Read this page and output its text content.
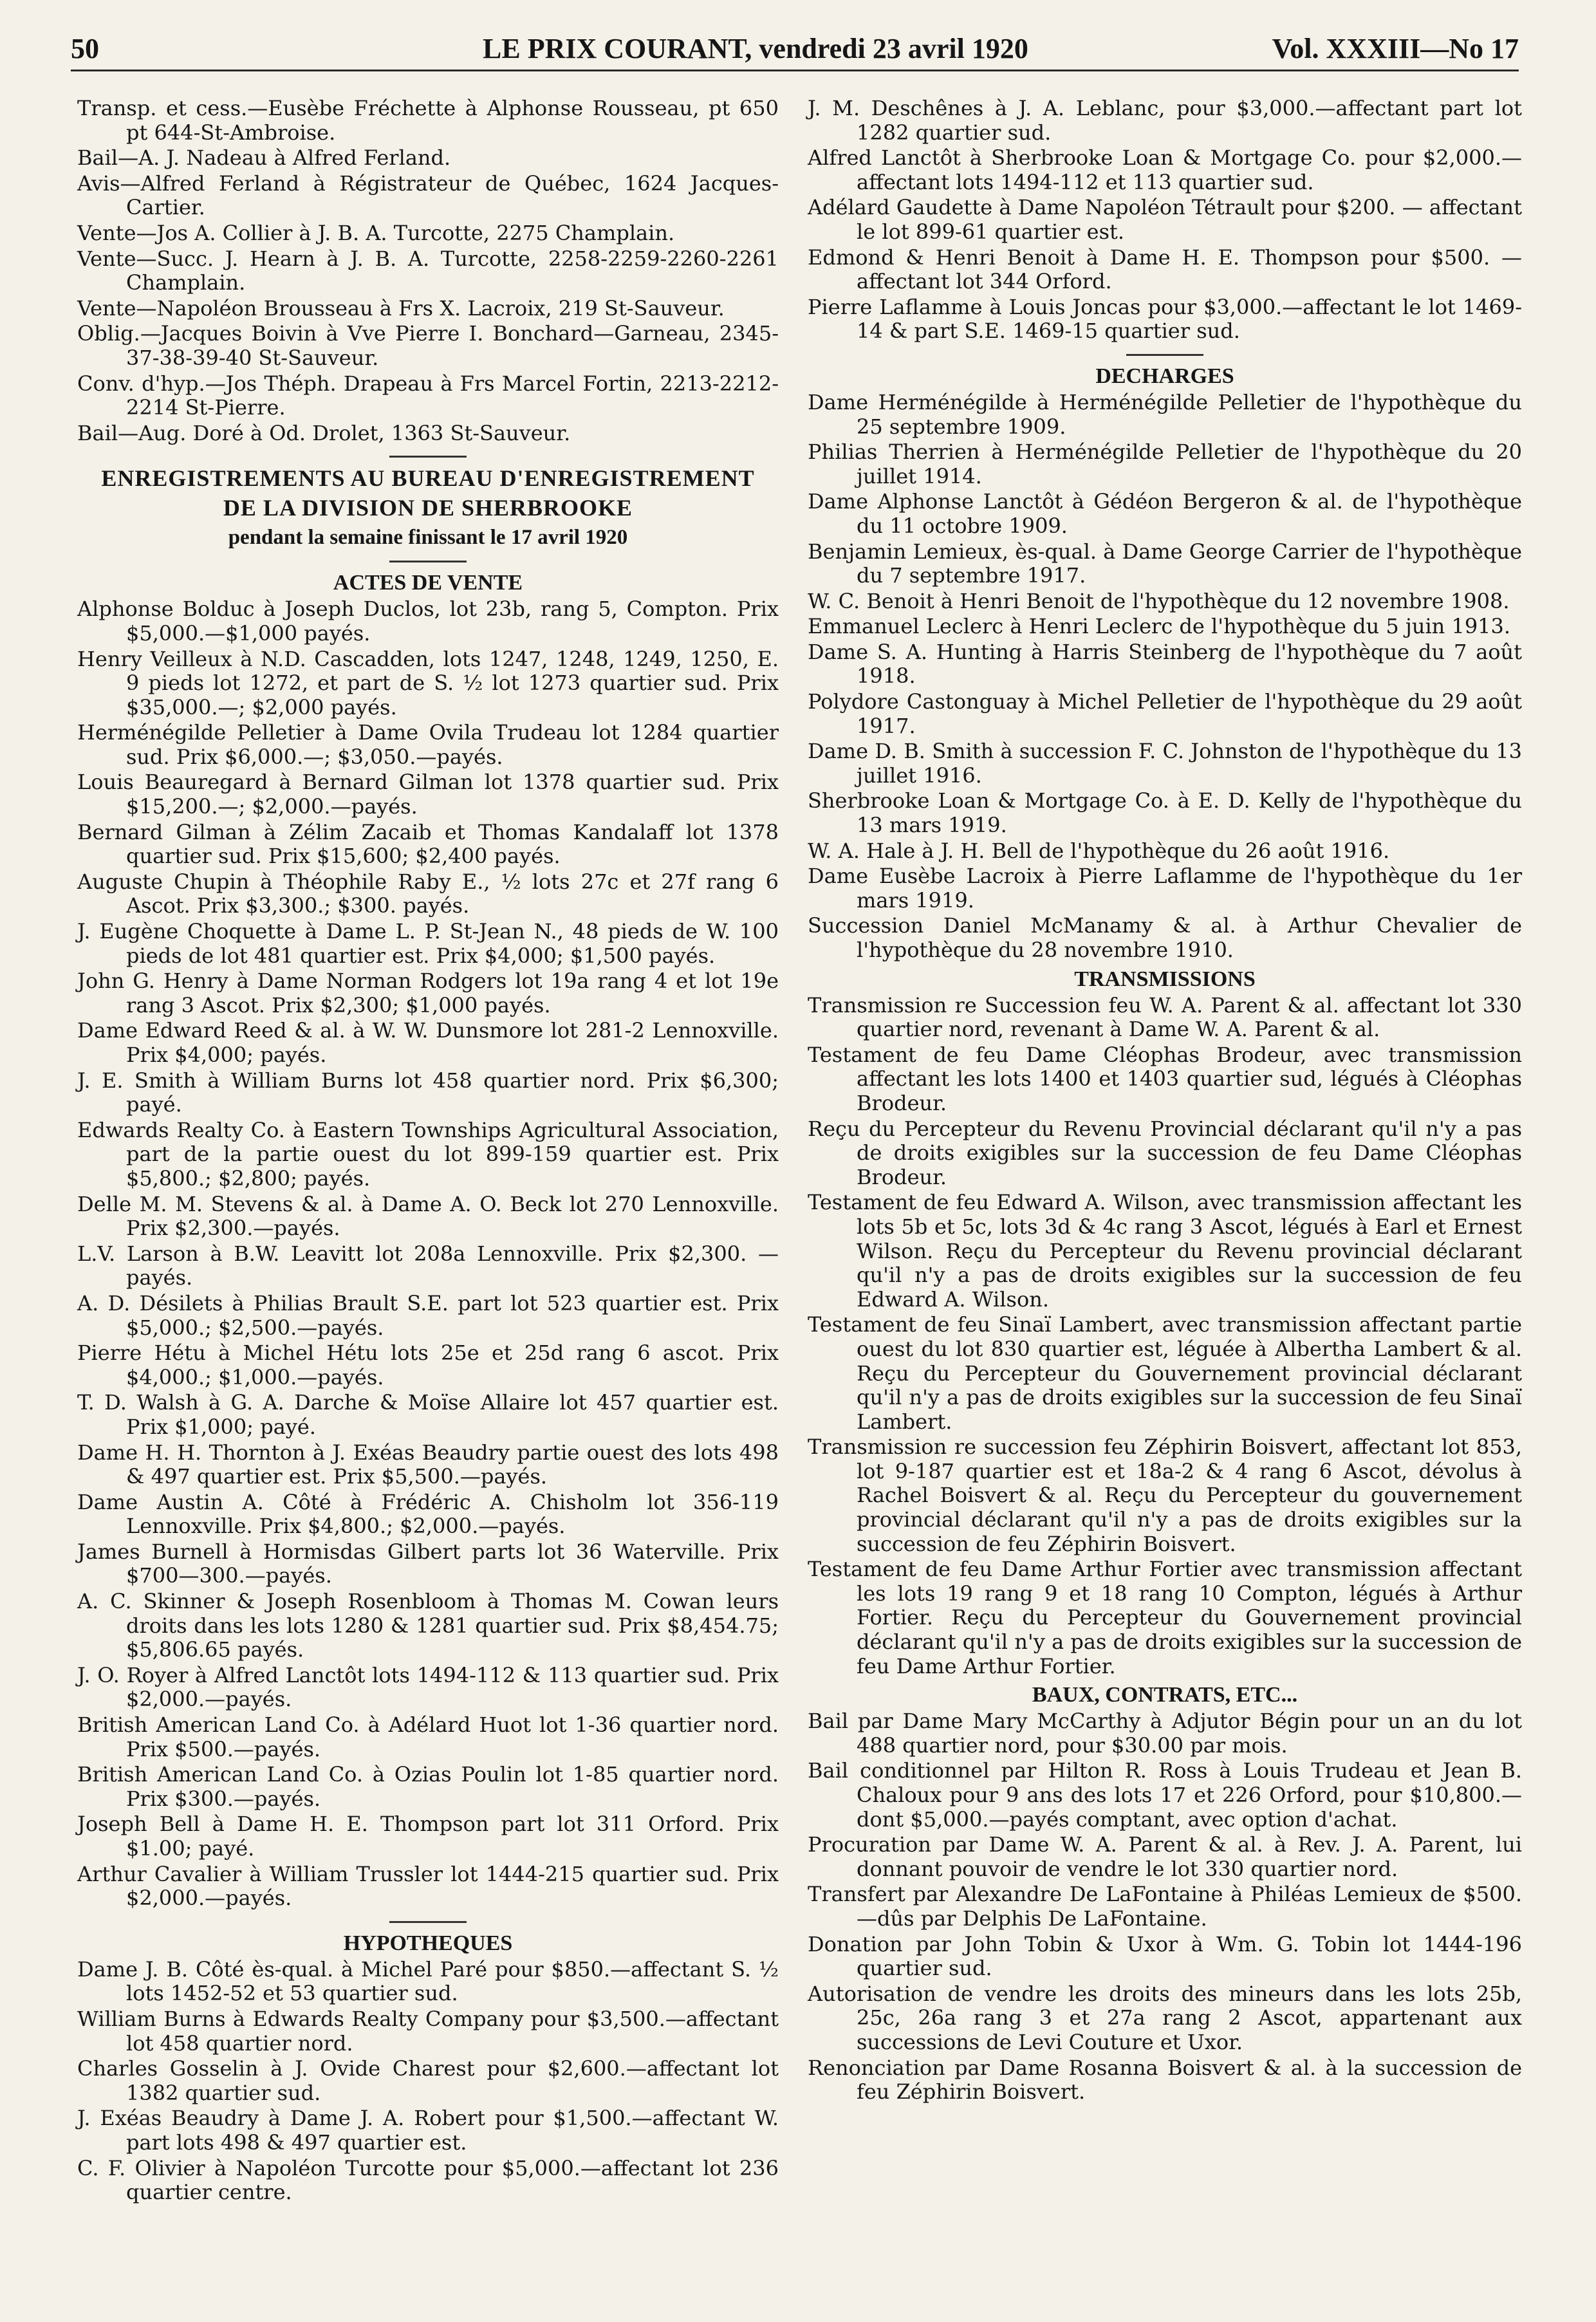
50	LE PRIX COURANT, vendredi 23 avril 1920	Vol. XXXIII—No 17

Transp. et cess.—Eusèbe Fréchette à Alphonse Rousseau, pt 650 pt 644-St-Ambroise.

Bail—A. J. Nadeau à Alfred Ferland.

Avis—Alfred Ferland à Régistrateur de Québec, 1624 Jacques-Cartier.

Vente—Jos A. Collier à J. B. A. Turcotte, 2275 Champlain.

Vente—Succ. J. Hearn à J. B. A. Turcotte, 2258-2259-2260-2261 Champlain.

Vente—Napoléon Brousseau à Frs X. Lacroix, 219 St-Sauveur.

Oblig.—Jacques Boivin à Vve Pierre I. Bonchard—Garneau, 2345-37-38-39-40 St-Sauveur.

Conv. d'hyp.—Jos Théph. Drapeau à Frs Marcel Fortin, 2213-2212-2214 St-Pierre.

Bail—Aug. Doré à Od. Drolet, 1363 St-Sauveur.

ENREGISTREMENTS AU BUREAU D'ENREGISTREMENT
DE LA DIVISION DE SHERBROOKE
pendant la semaine finissant le 17 avril 1920
ACTES DE VENTE

Alphonse Bolduc à Joseph Duclos, lot 23b, rang 5, Compton. Prix $5,000.—$1,000 payés.

Henry Veilleux à N.D. Cascadden, lots 1247, 1248, 1249, 1250, E. 9 pieds lot 1272, et part de S. ½ lot 1273 quartier sud. Prix $35,000.—; $2,000 payés.

Herménégilde Pelletier à Dame Ovila Trudeau lot 1284 quartier sud. Prix $6,000.—; $3,050.—payés.

Louis Beauregard à Bernard Gilman lot 1378 quartier sud. Prix $15,200.—; $2,000.—payés.

Bernard Gilman à Zélim Zacaib et Thomas Kandalaff lot 1378 quartier sud. Prix $15,600; $2,400 payés.

Auguste Chupin à Théophile Raby E., ½ lots 27c et 27f rang 6 Ascot. Prix $3,300.; $300. payés.

J. Eugène Choquette à Dame L. P. St-Jean N., 48 pieds de W. 100 pieds de lot 481 quartier est. Prix $4,000; $1,500 payés.

John G. Henry à Dame Norman Rodgers lot 19a rang 4 et lot 19e rang 3 Ascot. Prix $2,300; $1,000 payés.

Dame Edward Reed & al. à W. W. Dunsmore lot 281-2 Lennoxville. Prix $4,000; payés.

J. E. Smith à William Burns lot 458 quartier nord. Prix $6,300; payé.

Edwards Realty Co. à Eastern Townships Agricultural Association, part de la partie ouest du lot 899-159 quartier est. Prix $5,800.; $2,800; payés.

Delle M. M. Stevens & al. à Dame A. O. Beck lot 270 Lennoxville. Prix $2,300.—payés.

L.V. Larson à B.W. Leavitt lot 208a Lennoxville. Prix $2,300. —payés.

A. D. Désilets à Philias Brault S.E. part lot 523 quartier est. Prix $5,000.; $2,500.—payés.

Pierre Hétu à Michel Hétu lots 25e et 25d rang 6 ascot. Prix $4,000.; $1,000.—payés.

T. D. Walsh à G. A. Darche & Moïse Allaire lot 457 quartier est. Prix $1,000; payé.

Dame H. H. Thornton à J. Exéas Beaudry partie ouest des lots 498 & 497 quartier est. Prix $5,500.—payés.

Dame Austin A. Côté à Frédéric A. Chisholm lot 356-119 Lennoxville. Prix $4,800.; $2,000.—payés.

James Burnell à Hormisdas Gilbert parts lot 36 Waterville. Prix $700—300.—payés.

A. C. Skinner & Joseph Rosenbloom à Thomas M. Cowan leurs droits dans les lots 1280 & 1281 quartier sud. Prix $8,454.75; $5,806.65 payés.

J. O. Royer à Alfred Lanctôt lots 1494-112 & 113 quartier sud. Prix $2,000.—payés.

British American Land Co. à Adélard Huot lot 1-36 quartier nord. Prix $500.—payés.

British American Land Co. à Ozias Poulin lot 1-85 quartier nord. Prix $300.—payés.

Joseph Bell à Dame H. E. Thompson part lot 311 Orford. Prix $1.00; payé.

Arthur Cavalier à William Trussler lot 1444-215 quartier sud. Prix $2,000.—payés.

HYPOTHEQUES

Dame J. B. Côté ès-qual. à Michel Paré pour $850.—affectant S. ½ lots 1452-52 et 53 quartier sud.

William Burns à Edwards Realty Company pour $3,500.—affectant lot 458 quartier nord.

Charles Gosselin à J. Ovide Charest pour $2,600.—affectant lot 1382 quartier sud.

J. Exéas Beaudry à Dame J. A. Robert pour $1,500.—affectant W. part lots 498 & 497 quartier est.

C. F. Olivier à Napoléon Turcotte pour $5,000.—affectant lot 236 quartier centre.

J. M. Deschênes à J. A. Leblanc, pour $3,000.—affectant part lot 1282 quartier sud.

Alfred Lanctôt à Sherbrooke Loan & Mortgage Co. pour $2,000.—affectant lots 1494-112 et 113 quartier sud.

Adélard Gaudette à Dame Napoléon Tétrault pour $200. — affectant le lot 899-61 quartier est.

Edmond & Henri Benoit à Dame H. E. Thompson pour $500. — affectant lot 344 Orford.

Pierre Laflamme à Louis Joncas pour $3,000.—affectant le lot 1469-14 & part S.E. 1469-15 quartier sud.

DECHARGES

Dame Herménégilde à Herménégilde Pelletier de l'hypothèque du 25 septembre 1909.

Philias Therrien à Herménégilde Pelletier de l'hypothèque du 20 juillet 1914.

Dame Alphonse Lanctôt à Gédéon Bergeron & al. de l'hypothèque du 11 octobre 1909.

Benjamin Lemieux, ès-qual. à Dame George Carrier de l'hypothèque du 7 septembre 1917.

W. C. Benoit à Henri Benoit de l'hypothèque du 12 novembre 1908.

Emmanuel Leclerc à Henri Leclerc de l'hypothèque du 5 juin 1913.

Dame S. A. Hunting à Harris Steinberg de l'hypothèque du 7 août 1918.

Polydore Castonguay à Michel Pelletier de l'hypothèque du 29 août 1917.

Dame D. B. Smith à succession F. C. Johnston de l'hypothèque du 13 juillet 1916.

Sherbrooke Loan & Mortgage Co. à E. D. Kelly de l'hypothèque du 13 mars 1919.

W. A. Hale à J. H. Bell de l'hypothèque du 26 août 1916.

Dame Eusèbe Lacroix à Pierre Laflamme de l'hypothèque du 1er mars 1919.

Succession Daniel McManamy & al. à Arthur Chevalier de l'hypothèque du 28 novembre 1910.

TRANSMISSIONS

Transmission re Succession feu W. A. Parent & al. affectant lot 330 quartier nord, revenant à Dame W. A. Parent & al.

Testament de feu Dame Cléophas Brodeur, avec transmission affectant les lots 1400 et 1403 quartier sud, légués à Cléophas Brodeur.

Reçu du Percepteur du Revenu Provincial déclarant qu'il n'y a pas de droits exigibles sur la succession de feu Dame Cléophas Brodeur.

Testament de feu Edward A. Wilson, avec transmission affectant les lots 5b et 5c, lots 3d & 4c rang 3 Ascot, légués à Earl et Ernest Wilson. Reçu du Percepteur du Revenu provincial déclarant qu'il n'y a pas de droits exigibles sur la succession de feu Edward A. Wilson.

Testament de feu Sinaï Lambert, avec transmission affectant partie ouest du lot 830 quartier est, léguée à Albertha Lambert & al. Reçu du Percepteur du Gouvernement provincial déclarant qu'il n'y a pas de droits exigibles sur la succession de feu Sinaï Lambert.

Transmission re succession feu Zéphirin Boisvert, affectant lot 853, lot 9-187 quartier est et 18a-2 & 4 rang 6 Ascot, dévolus à Rachel Boisvert & al. Reçu du Percepteur du gouvernement provincial déclarant qu'il n'y a pas de droits exigibles sur la succession de feu Zéphirin Boisvert.

Testament de feu Dame Arthur Fortier avec transmission affectant les lots 19 rang 9 et 18 rang 10 Compton, légués à Arthur Fortier. Reçu du Percepteur du Gouvernement provincial déclarant qu'il n'y a pas de droits exigibles sur la succession de feu Dame Arthur Fortier.

BAUX, CONTRATS, ETC...

Bail par Dame Mary McCarthy à Adjutor Bégin pour un an du lot 488 quartier nord, pour $30.00 par mois.

Bail conditionnel par Hilton R. Ross à Louis Trudeau et Jean B. Chaloux pour 9 ans des lots 17 et 226 Orford, pour $10,800.—dont $5,000.—payés comptant, avec option d'achat.

Procuration par Dame W. A. Parent & al. à Rev. J. A. Parent, lui donnant pouvoir de vendre le lot 330 quartier nord.

Transfert par Alexandre De LaFontaine à Philéas Lemieux de $500.—dûs par Delphis De LaFontaine.

Donation par John Tobin & Uxor à Wm. G. Tobin lot 1444-196 quartier sud.

Autorisation de vendre les droits des mineurs dans les lots 25b, 25c, 26a rang 3 et 27a rang 2 Ascot, appartenant aux successions de Levi Couture et Uxor.

Renonciation par Dame Rosanna Boisvert & al. à la succession de feu Zéphirin Boisvert.
